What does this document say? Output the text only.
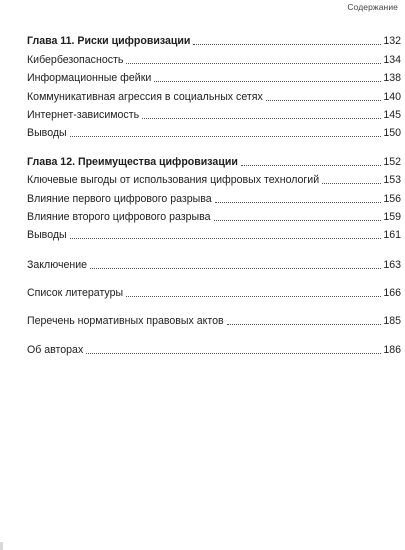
Содержание
Глава 11. Риски цифровизации	132
Кибербезопасность	134
Информационные фейки	138
Коммуникативная агрессия в социальных сетях	140
Интернет-зависимость	145
Выводы	150
Глава 12. Преимущества цифровизации	152
Ключевые выгоды от использования цифровых технологий	153
Влияние первого цифрового разрыва	156
Влияние второго цифрового разрыва	159
Выводы	161
Заключение	163
Список литературы	166
Перечень нормативных правовых актов	185
Об авторах	186
